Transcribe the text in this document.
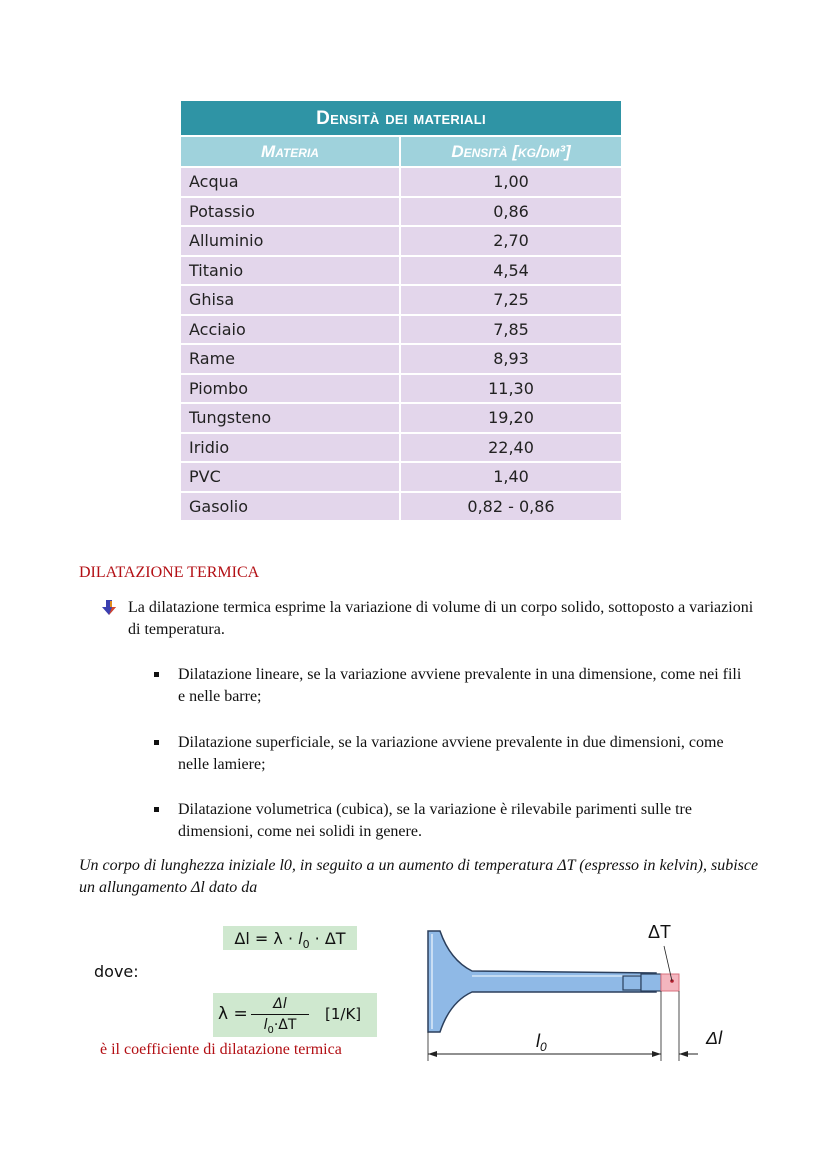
Densità dei materiali
Materia	Densità [kg/dm³]
Acqua	1,00
Potassio	0,86
Alluminio	2,70
Titanio	4,54
Ghisa	7,25
Acciaio	7,85
Rame	8,93
Piombo	11,30
Tungsteno	19,20
Iridio	22,40
PVC	1,40
Gasolio	0,82 - 0,86
DILATAZIONE TERMICA
La dilatazione termica esprime la variazione di volume di un corpo solido, sottoposto a variazioni di temperatura.
Dilatazione lineare, se la variazione avviene prevalente in una dimensione, come nei fili e nelle barre;
Dilatazione superficiale, se la variazione avviene prevalente in due dimensioni, come nelle lamiere;
Dilatazione volumetrica (cubica), se la variazione è rilevabile parimenti sulle tre dimensioni, come nei solidi in genere.
Un corpo di lunghezza iniziale l0, in seguito a un aumento di temperatura ΔT (espresso in kelvin), subisce un allungamento Δl dato da
$\Delta l = \lambda \cdot l_0 \cdot \Delta T$
dove:
λ =	Δl
$l_0\cdot\Delta T$
[1/K]
è il coefficiente di dilatazione termica
ΔT
$l_0$	Δl
